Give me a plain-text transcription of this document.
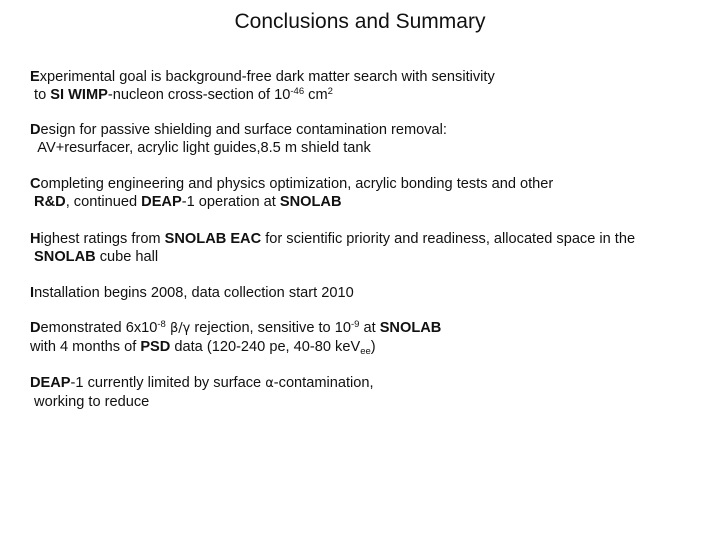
Conclusions and Summary

Experimental goal is background-free dark matter search with sensitivity
to SI WIMP-nucleon cross-section of $10^{-46}$ $cm^2$

Design for passive shielding and surface contamination removal:
AV+resurfacer, acrylic light guides,8.5 m shield tank

Completing engineering and physics optimization, acrylic bonding tests and other
R&D, continued DEAP-1 operation at SNOLAB

Highest ratings from SNOLAB EAC for scientific priority and readiness, allocated space in the
SNOLAB cube hall

Installation begins 2008, data collection start 2010

Demonstrated $6x10^{-8}$ β/γ rejection, sensitive to $10^{-9}$ at SNOLAB
with 4 months of PSD data (120-240 pe, 40-80 keV$_{ee}$)

DEAP-1 currently limited by surface α-contamination,
working to reduce
